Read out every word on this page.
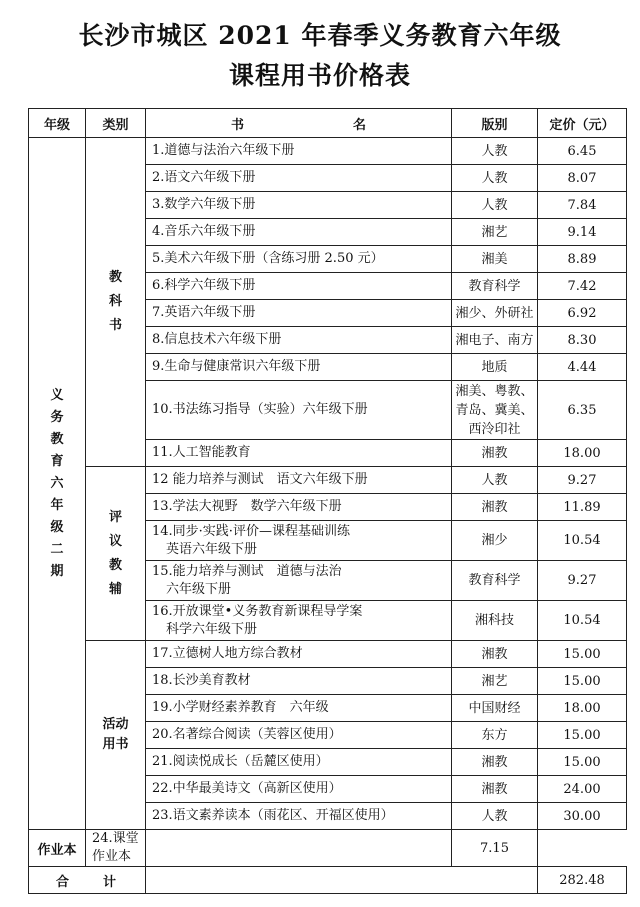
长沙市城区 2021 年春季义务教育六年级
课程用书价格表
年级	类别	书 名	版别	定价（元）
义务教育六年级二期	教科书	1.道德与法治六年级下册	人教	6.45
		2.语文六年级下册	人教	8.07
		3.数学六年级下册	人教	7.84
		4.音乐六年级下册	湘艺	9.14
		5.美术六年级下册（含练习册 2.50 元）	湘美	8.89
		6.科学六年级下册	教育科学	7.42
		7.英语六年级下册	湘少、外研社	6.92
		8.信息技术六年级下册	湘电子、南方	8.30
		9.生命与健康常识六年级下册	地质	4.44
		10.书法练习指导（实验）六年级下册	湘美、粤教、
青岛、冀美、
西泠印社	6.35
		11.人工智能教育	湘教	18.00
	评议教辅	12 能力培养与测试　语文六年级下册	人教	9.27
		13.学法大视野　数学六年级下册	湘教	11.89

		14.同步·实践·评价—课程基础训练
英语六年级下册	湘少	10.54

		15.能力培养与测试　道德与法治
六年级下册	教育科学	9.27

		16.开放课堂•义务教育新课程导学案
科学六年级下册	湘科技	10.54
	活动用书	17.立德树人地方综合教材	湘教	15.00
		18.长沙美育教材	湘艺	15.00
		19.小学财经素养教育　六年级	中国财经	18.00
		20.名著综合阅读（芙蓉区使用）	东方	15.00
		21.阅读悦成长（岳麓区使用）	湘教	15.00
		22.中华最美诗文（高新区使用）	湘教	24.00
		23.语文素养读本（雨花区、开福区使用）	人教	30.00
作业本	24.课堂作业本		7.15	
合 计				282.48
